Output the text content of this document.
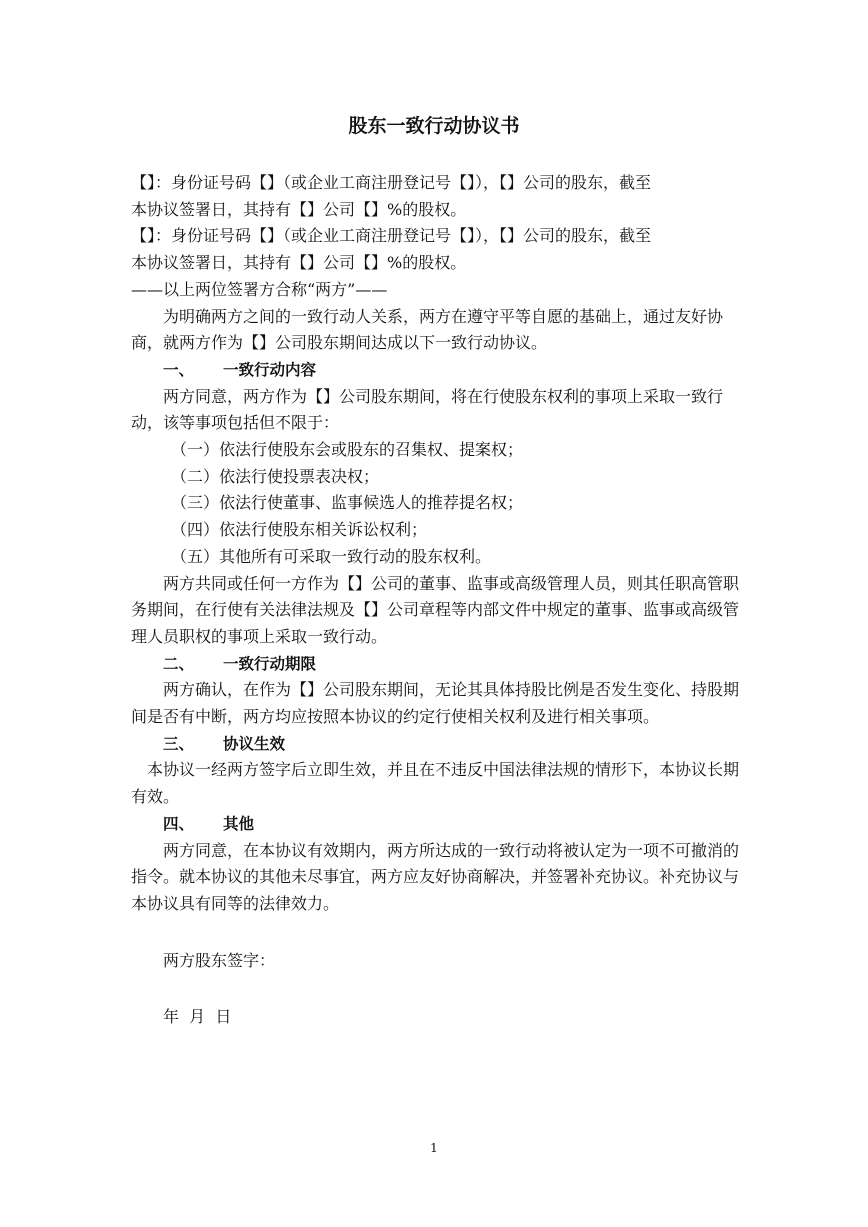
股东一致行动协议书

【】：身份证号码【】（或企业工商注册登记号【】），【】公司的股东，截至

本协议签署日，其持有【】公司【】%的股权。

【】：身份证号码【】（或企业工商注册登记号【】），【】公司的股东，截至

本协议签署日，其持有【】公司【】%的股权。

——以上两位签署方合称“两方”——

为明确两方之间的一致行动人关系，两方在遵守平等自愿的基础上，通过友好协商，就两方作为【】公司股东期间达成以下一致行动协议。

一、 一致行动内容

两方同意，两方作为【】公司股东期间，将在行使股东权利的事项上采取一致行动，该等事项包括但不限于：

（一）依法行使股东会或股东的召集权、提案权；

（二）依法行使投票表决权；

（三）依法行使董事、监事候选人的推荐提名权；

（四）依法行使股东相关诉讼权利；

（五）其他所有可采取一致行动的股东权利。

两方共同或任何一方作为【】公司的董事、监事或高级管理人员，则其任职高管职务期间，在行使有关法律法规及【】公司章程等内部文件中规定的董事、监事或高级管理人员职权的事项上采取一致行动。

二、 一致行动期限

两方确认，在作为【】公司股东期间，无论其具体持股比例是否发生变化、持股期间是否有中断，两方均应按照本协议的约定行使相关权利及进行相关事项。

三、 协议生效

本协议一经两方签字后立即生效，并且在不违反中国法律法规的情形下，本协议长期有效。

四、 其他

两方同意，在本协议有效期内，两方所达成的一致行动将被认定为一项不可撤消的指令。就本协议的其他未尽事宜，两方应友好协商解决，并签署补充协议。补充协议与本协议具有同等的法律效力。

两方股东签字：

年  月  日

1
